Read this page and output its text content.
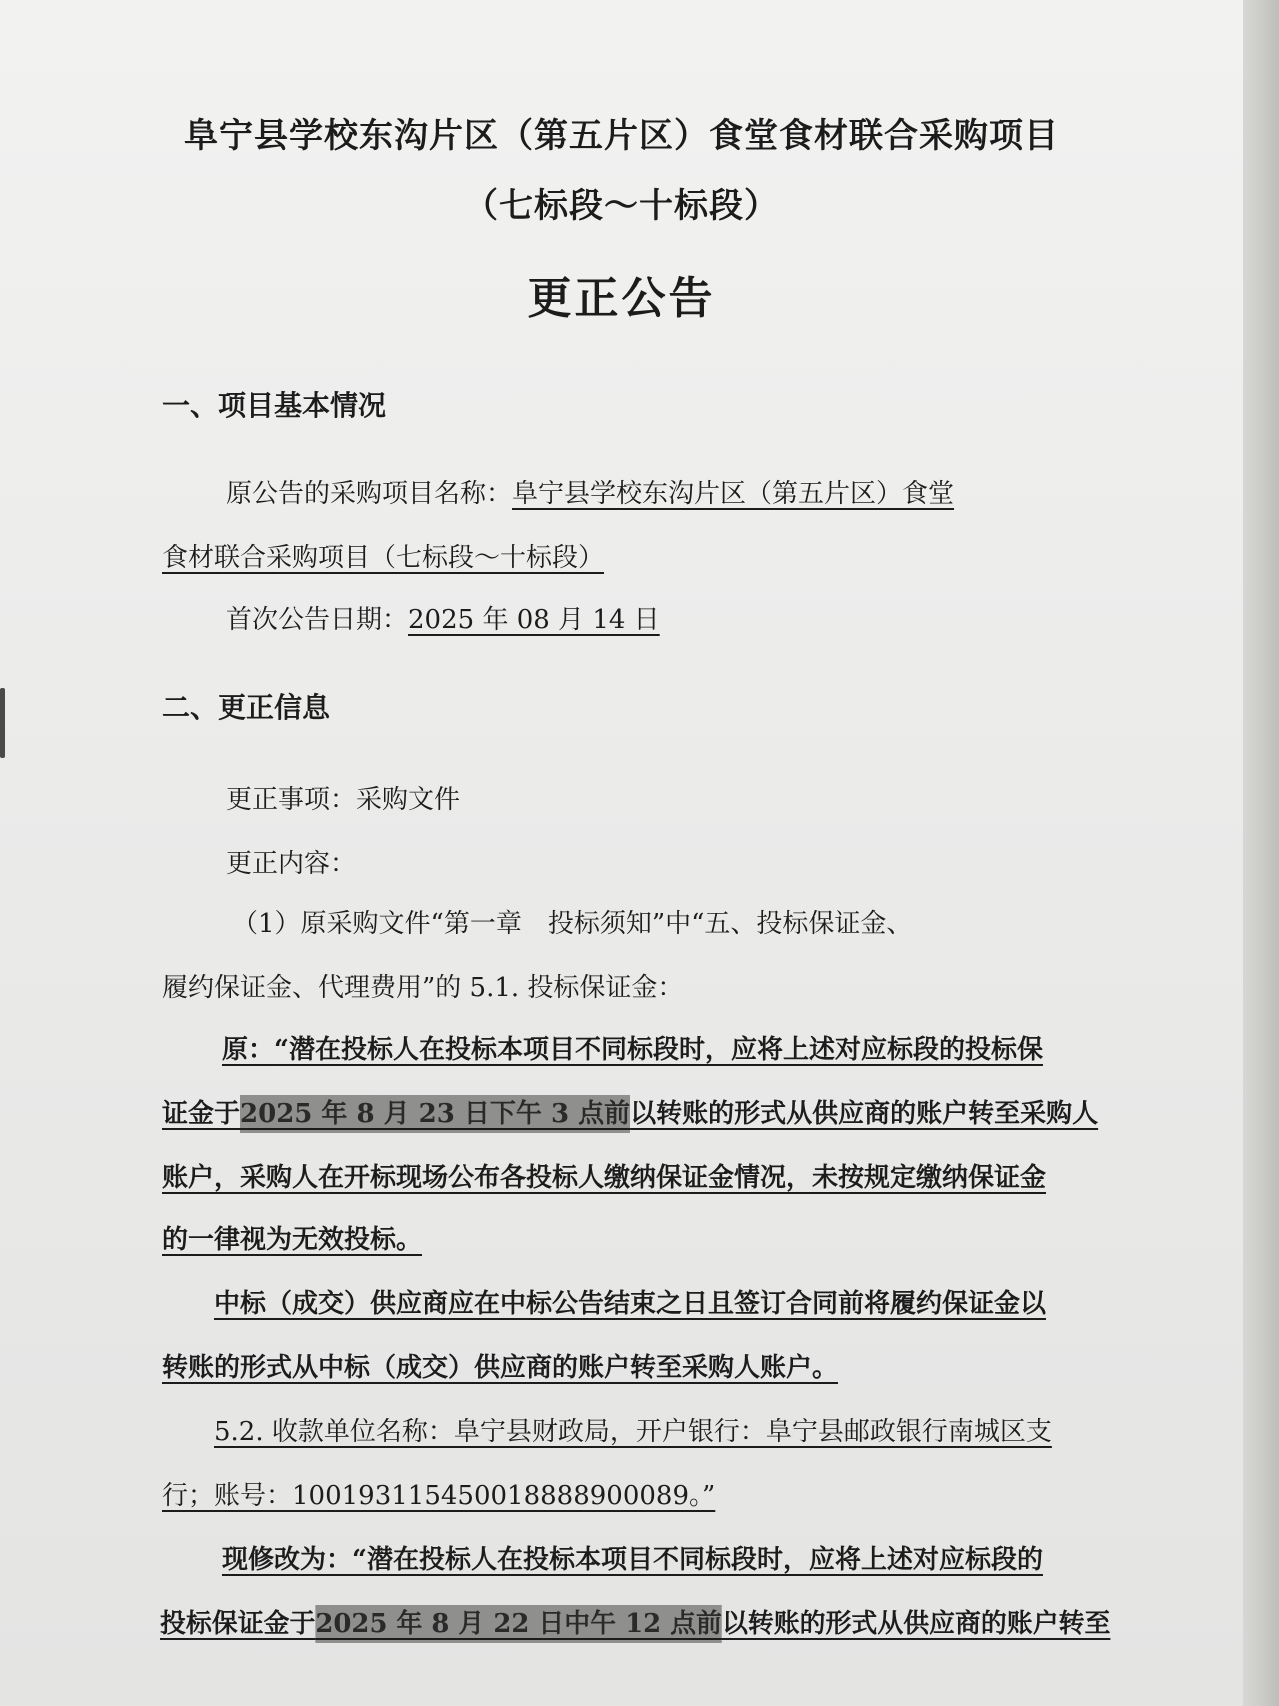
阜宁县学校东沟片区（第五片区）食堂食材联合采购项目
（七标段～十标段）
更正公告
一、项目基本情况
原公告的采购项目名称：阜宁县学校东沟片区（第五片区）食堂
食材联合采购项目（七标段～十标段）
首次公告日期：2025 年 08 月 14 日
二、更正信息
更正事项：采购文件
更正内容：
（1）原采购文件“第一章　投标须知”中“五、投标保证金、
履约保证金、代理费用”的 5.1. 投标保证金：
原：“潜在投标人在投标本项目不同标段时，应将上述对应标段的投标保
证金于2025 年 8 月 23 日下午 3 点前以转账的形式从供应商的账户转至采购人
账户，采购人在开标现场公布各投标人缴纳保证金情况，未按规定缴纳保证金
的一律视为无效投标。
中标（成交）供应商应在中标公告结束之日且签订合同前将履约保证金以
转账的形式从中标（成交）供应商的账户转至采购人账户。
5.2. 收款单位名称：阜宁县财政局，开户银行：阜宁县邮政银行南城区支
行；账号：100193115450018888900089。”
现修改为：“潜在投标人在投标本项目不同标段时，应将上述对应标段的
投标保证金于2025 年 8 月 22 日中午 12 点前以转账的形式从供应商的账户转至
